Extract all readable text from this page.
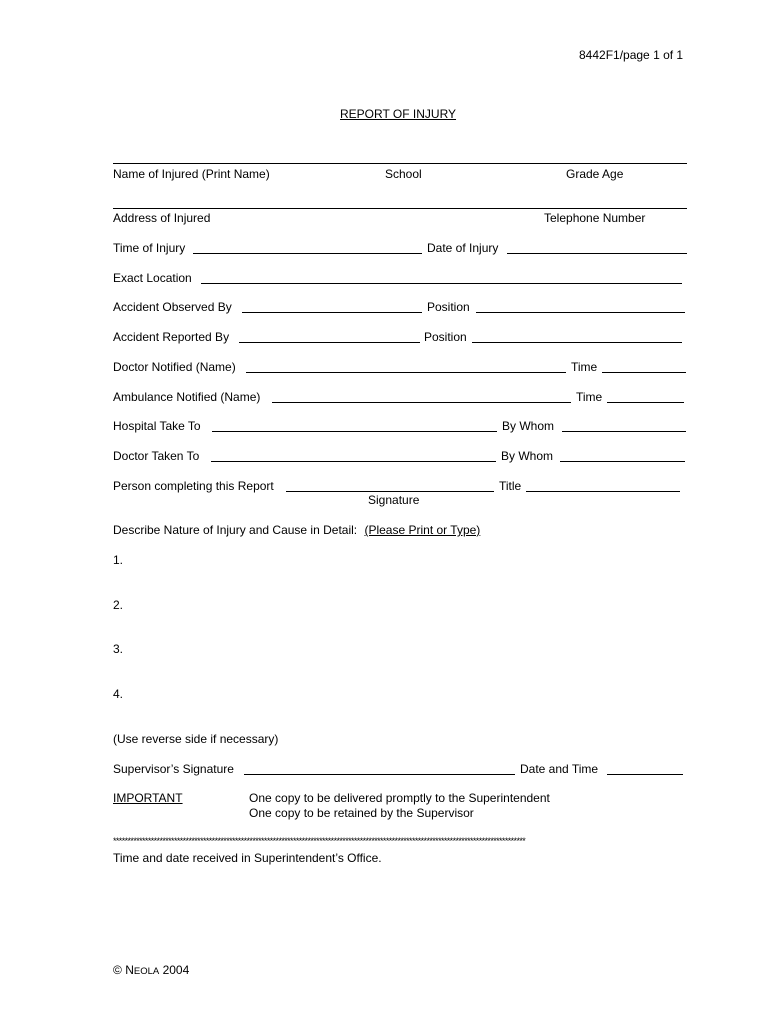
8442F1/page 1 of 1
REPORT OF INJURY
Name of Injured (Print Name)	School	Grade Age
Address of Injured	Telephone Number
Time of Injury	Date of Injury
Exact Location
Accident Observed By	Position
Accident Reported By	Position
Doctor Notified (Name)	Time
Ambulance Notified (Name)	Time
Hospital Take To	By Whom
Doctor Taken To	By Whom
Person completing this Report	Title
Signature
Describe Nature of Injury and Cause in Detail: (Please Print or Type)
1.
2.
3.
4.
(Use reverse side if necessary)
Supervisor’s Signature	Date and Time
IMPORTANT	One copy to be delivered promptly to the Superintendent
One copy to be retained by the Supervisor
**********************************************************************************************************************************************
Time and date received in Superintendent’s Office.
© NEOLA 2004
